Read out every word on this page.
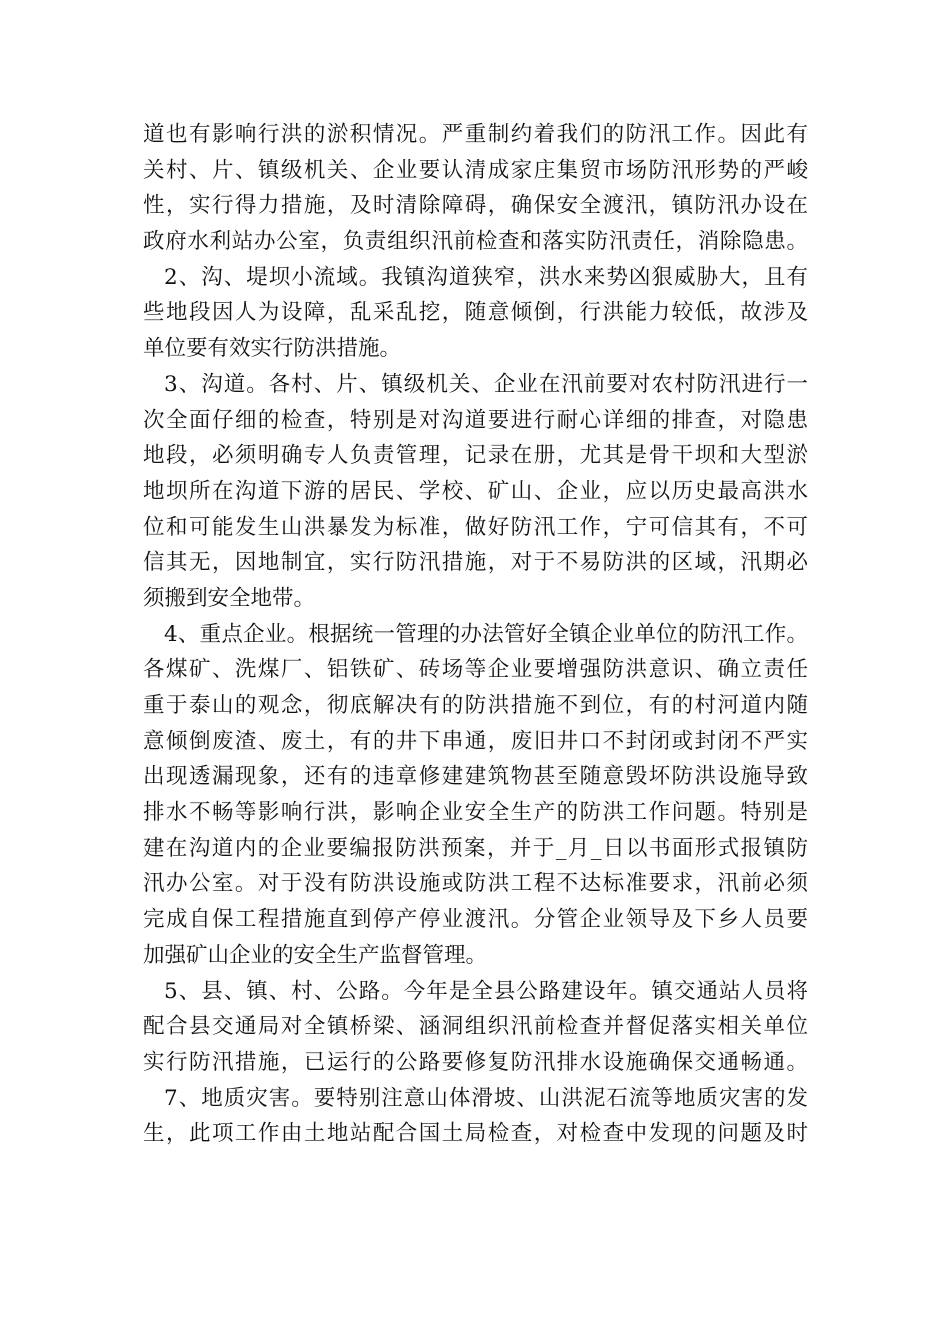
道也有影响行洪的淤积情况。严重制约着我们的防汛工作。因此有
关村、片、镇级机关、企业要认清成家庄集贸市场防汛形势的严峻
性，实行得力措施，及时清除障碍，确保安全渡汛，镇防汛办设在
政府水利站办公室，负责组织汛前检查和落实防汛责任，消除隐患。
2、沟、堤坝小流域。我镇沟道狭窄，洪水来势凶狠威胁大，且有
些地段因人为设障，乱采乱挖，随意倾倒，行洪能力较低，故涉及
单位要有效实行防洪措施。
3、沟道。各村、片、镇级机关、企业在汛前要对农村防汛进行一
次全面仔细的检查，特别是对沟道要进行耐心详细的排查，对隐患
地段，必须明确专人负责管理，记录在册，尤其是骨干坝和大型淤
地坝所在沟道下游的居民、学校、矿山、企业，应以历史最高洪水
位和可能发生山洪暴发为标准，做好防汛工作，宁可信其有，不可
信其无，因地制宜，实行防汛措施，对于不易防洪的区域，汛期必
须搬到安全地带。
4、重点企业。根据统一管理的办法管好全镇企业单位的防汛工作。
各煤矿、洗煤厂、铝铁矿、砖场等企业要增强防洪意识、确立责任
重于泰山的观念，彻底解决有的防洪措施不到位，有的村河道内随
意倾倒废渣、废土，有的井下串通，废旧井口不封闭或封闭不严实
出现透漏现象，还有的违章修建建筑物甚至随意毁坏防洪设施导致
排水不畅等影响行洪，影响企业安全生产的防洪工作问题。特别是
建在沟道内的企业要编报防洪预案，并于_月_日以书面形式报镇防
汛办公室。对于没有防洪设施或防洪工程不达标准要求，汛前必须
完成自保工程措施直到停产停业渡汛。分管企业领导及下乡人员要
加强矿山企业的安全生产监督管理。
5、县、镇、村、公路。今年是全县公路建设年。镇交通站人员将
配合县交通局对全镇桥梁、涵洞组织汛前检查并督促落实相关单位
实行防汛措施，已运行的公路要修复防汛排水设施确保交通畅通。
7、地质灾害。要特别注意山体滑坡、山洪泥石流等地质灾害的发
生，此项工作由土地站配合国土局检查，对检查中发现的问题及时
